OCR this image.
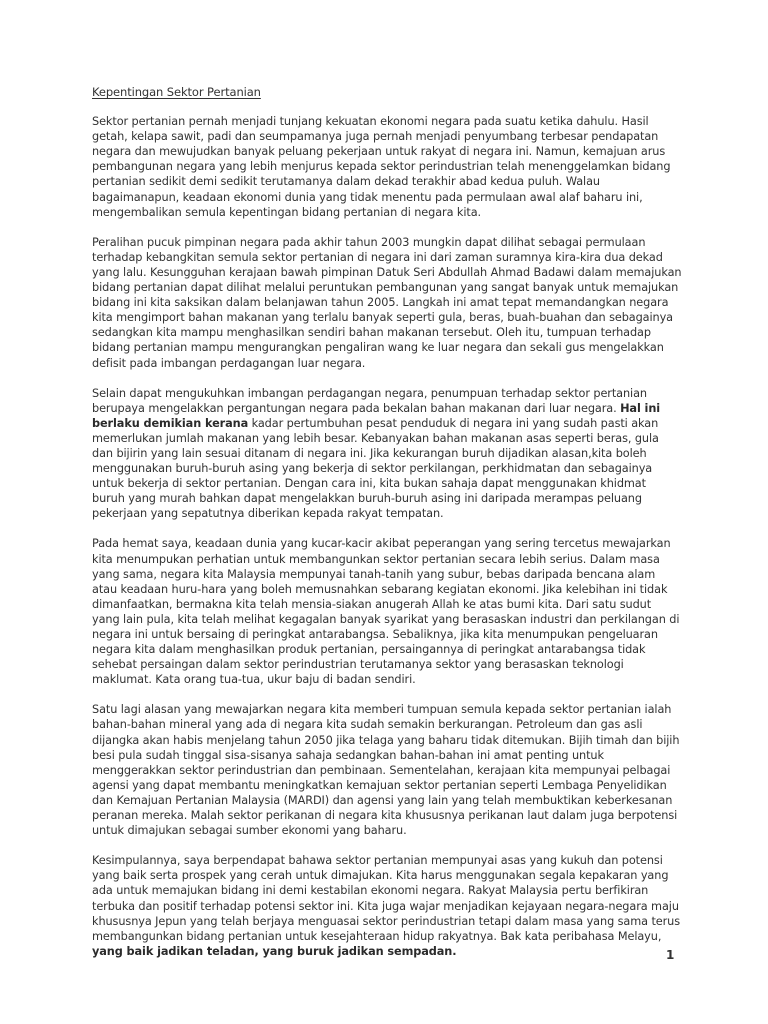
Kepentingan Sektor Pertanian

Sektor pertanian pernah menjadi tunjang kekuatan ekonomi negara pada suatu ketika dahulu. Hasil getah, kelapa sawit, padi dan seumpamanya juga pernah menjadi penyumbang terbesar pendapatan negara dan mewujudkan banyak peluang pekerjaan untuk rakyat di negara ini. Namun, kemajuan arus pembangunan negara yang lebih menjurus kepada sektor perindustrian telah menenggelamkan bidang pertanian sedikit demi sedikit terutamanya dalam dekad terakhir abad kedua puluh. Walau bagaimanapun, keadaan ekonomi dunia yang tidak menentu pada permulaan awal alaf baharu ini, mengembalikan semula kepentingan bidang pertanian di negara kita.

Peralihan pucuk pimpinan negara pada akhir tahun 2003 mungkin dapat dilihat sebagai permulaan terhadap kebangkitan semula sektor pertanian di negara ini dari zaman suramnya kira-kira dua dekad yang lalu. Kesungguhan kerajaan bawah pimpinan Datuk Seri Abdullah Ahmad Badawi dalam memajukan bidang pertanian dapat dilihat melalui peruntukan pembangunan yang sangat banyak untuk memajukan bidang ini kita saksikan dalam belanjawan tahun 2005. Langkah ini amat tepat memandangkan negara kita mengimport bahan makanan yang terlalu banyak seperti gula, beras, buah-buahan dan sebagainya sedangkan kita mampu menghasilkan sendiri bahan makanan tersebut. Oleh itu, tumpuan terhadap bidang pertanian mampu mengurangkan pengaliran wang ke luar negara dan sekali gus mengelakkan defisit pada imbangan perdagangan luar negara.

Selain dapat mengukuhkan imbangan perdagangan negara, penumpuan terhadap sektor pertanian berupaya mengelakkan pergantungan negara pada bekalan bahan makanan dari luar negara. Hal ini berlaku demikian kerana kadar pertumbuhan pesat penduduk di negara ini yang sudah pasti akan memerlukan jumlah makanan yang lebih besar. Kebanyakan bahan makanan asas seperti beras, gula dan bijirin yang lain sesuai ditanam di negara ini. Jika kekurangan buruh dijadikan alasan,kita boleh menggunakan buruh-buruh asing yang bekerja di sektor perkilangan, perkhidmatan dan sebagainya untuk bekerja di sektor pertanian. Dengan cara ini, kita bukan sahaja dapat menggunakan khidmat buruh yang murah bahkan dapat mengelakkan buruh-buruh asing ini daripada merampas peluang pekerjaan yang sepatutnya diberikan kepada rakyat tempatan.

Pada hemat saya, keadaan dunia yang kucar-kacir akibat peperangan yang sering tercetus mewajarkan kita menumpukan perhatian untuk membangunkan sektor pertanian secara lebih serius. Dalam masa yang sama, negara kita Malaysia mempunyai tanah-tanih yang subur, bebas daripada bencana alam atau keadaan huru-hara yang boleh memusnahkan sebarang kegiatan ekonomi. Jika kelebihan ini tidak dimanfaatkan, bermakna kita telah mensia-siakan anugerah Allah ke atas bumi kita. Dari satu sudut yang lain pula, kita telah melihat kegagalan banyak syarikat yang berasaskan industri dan perkilangan di negara ini untuk bersaing di peringkat antarabangsa. Sebaliknya, jika kita menumpukan pengeluaran negara kita dalam menghasilkan produk pertanian, persaingannya di peringkat antarabangsa tidak sehebat persaingan dalam sektor perindustrian terutamanya sektor yang berasaskan teknologi maklumat. Kata orang tua-tua, ukur baju di badan sendiri.

Satu lagi alasan yang mewajarkan negara kita memberi tumpuan semula kepada sektor pertanian ialah bahan-bahan mineral yang ada di negara kita sudah semakin berkurangan. Petroleum dan gas asli dijangka akan habis menjelang tahun 2050 jika telaga yang baharu tidak ditemukan. Bijih timah dan bijih besi pula sudah tinggal sisa-sisanya sahaja sedangkan bahan-bahan ini amat penting untuk menggerakkan sektor perindustrian dan pembinaan. Sementelahan, kerajaan kita mempunyai pelbagai agensi yang dapat membantu meningkatkan kemajuan sektor pertanian seperti Lembaga Penyelidikan dan Kemajuan Pertanian Malaysia (MARDI) dan agensi yang lain yang telah membuktikan keberkesanan peranan mereka. Malah sektor perikanan di negara kita khususnya perikanan laut dalam juga berpotensi untuk dimajukan sebagai sumber ekonomi yang baharu.

Kesimpulannya, saya berpendapat bahawa sektor pertanian mempunyai asas yang kukuh dan potensi yang baik serta prospek yang cerah untuk dimajukan. Kita harus menggunakan segala kepakaran yang ada untuk memajukan bidang ini demi kestabilan ekonomi negara. Rakyat Malaysia pertu berfikiran terbuka dan positif terhadap potensi sektor ini. Kita juga wajar menjadikan kejayaan negara-negara maju khususnya Jepun yang telah berjaya menguasai sektor perindustrian tetapi dalam masa yang sama terus membangunkan bidang pertanian untuk kesejahteraan hidup rakyatnya. Bak kata peribahasa Melayu, yang baik jadikan teladan, yang buruk jadikan sempadan.	1
